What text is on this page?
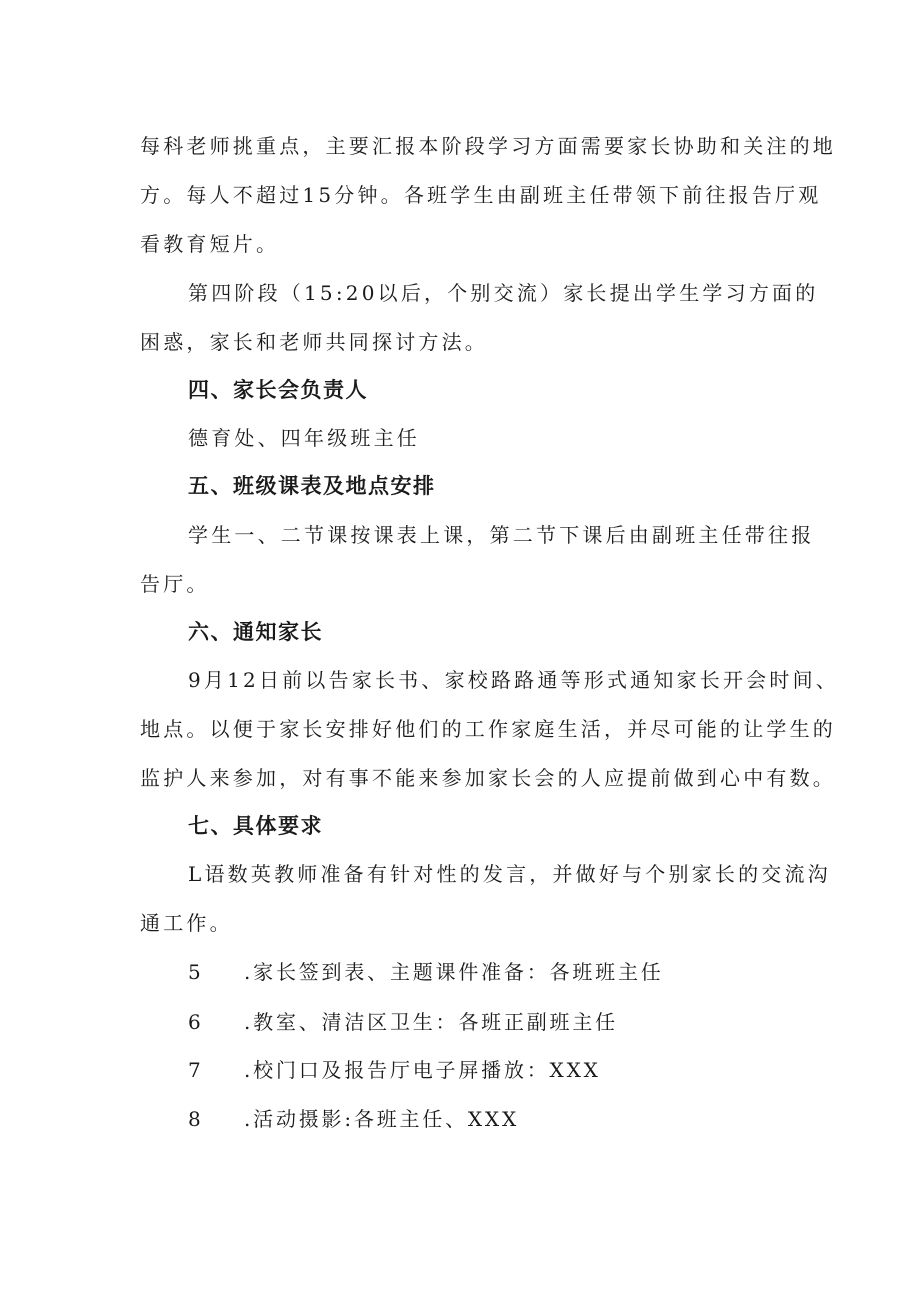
每科老师挑重点，主要汇报本阶段学习方面需要家长协助和关注的地
方。每人不超过15分钟。各班学生由副班主任带领下前往报告厅观
看教育短片。
第四阶段（15:20以后，个别交流）家长提出学生学习方面的
困惑，家长和老师共同探讨方法。
四、家长会负责人
德育处、四年级班主任
五、班级课表及地点安排
学生一、二节课按课表上课，第二节下课后由副班主任带往报
告厅。
六、通知家长
9月12日前以告家长书、家校路路通等形式通知家长开会时间、
地点。以便于家长安排好他们的工作家庭生活，并尽可能的让学生的
监护人来参加，对有事不能来参加家长会的人应提前做到心中有数。
七、具体要求
L语数英教师准备有针对性的发言，并做好与个别家长的交流沟
通工作。
5 .家长签到表、主题课件准备：各班班主任
6 .教室、清洁区卫生：各班正副班主任
7 .校门口及报告厅电子屏播放：XXX
8 .活动摄影:各班主任、XXX
